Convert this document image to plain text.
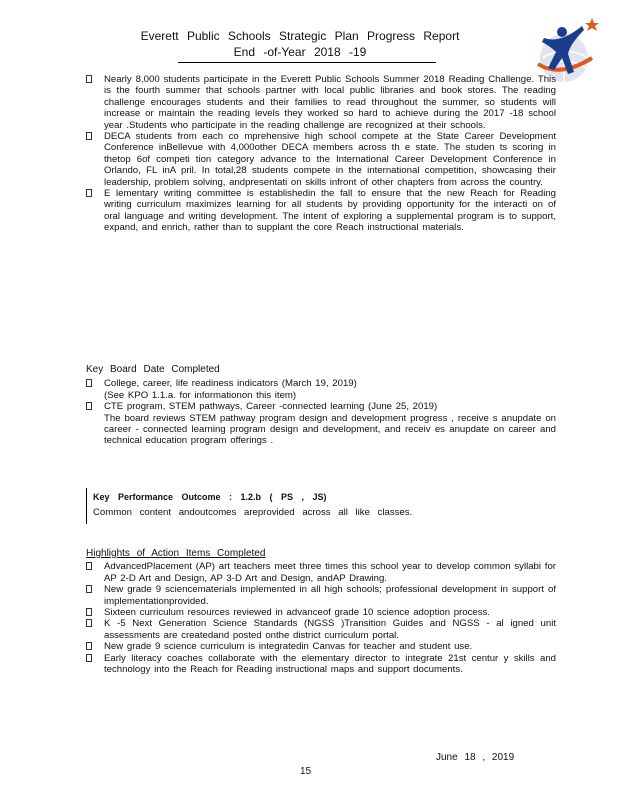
Everett Public Schools Strategic Plan Progress Report
End -of-Year 2018 -19
Nearly 8,000 students participate in the Everett Public Schools Summer 2018 Reading Challenge. This is the fourth summer that schools partner with local public libraries and book stores. The reading challenge encourages students and their families to read throughout the summer, so students will increase or maintain the reading levels they worked so hard to achieve during the 2017 -18 school year .Students who participate in the reading challenge are recognized at their schools.
DECA students from each co mprehensive high school compete at the State Career Development Conference inBellevue with 4,000other DECA members across th e state. The studen ts scoring in thetop 6of competi tion category advance to the International Career Development Conference in Orlando, FL inA pril. In total,28 students compete in the international competition, showcasing their leadership, problem solving, andpresentati on skills infront of other chapters from across the country.
E lementary writing committee is establishedin the fall to ensure that the new Reach for Reading writing curriculum maximizes learning for all students by providing opportunity for the interacti on of oral language and writing development. The intent of exploring a supplemental program is to support, expand, and enrich, rather than to supplant the core Reach instructional materials.
Key Board Date Completed
College, career, life readiness indicators (March 19, 2019)
(See KPO 1.1.a. for informationon this item)
CTE program, STEM pathways, Career -connected learning (June 25, 2019)
The board reviews STEM pathway program design and development progress , receive s anupdate on career - connected learning program design and development, and receiv es anupdate on career and technical education program offerings .
Key Performance Outcome : 1.2.b ( PS , JS)
Common content andoutcomes areprovided across all like classes.
Highlights of Action Items Completed
AdvancedPlacement (AP) art teachers meet three times this school year to develop common syllabi for AP 2-D Art and Design, AP 3-D Art and Design, andAP Drawing.
New grade 9 sciencematerials implemented in all high schools; professional development in support of implementationprovided.
Sixteen curriculum resources reviewed in advanceof grade 10 science adoption process.
K -5 Next Generation Science Standards (NGSS )Transition Guides and NGSS - al igned unit assessments are createdand posted onthe district curriculum portal.
New grade 9 science curriculum is integratedin Canvas for teacher and student use.
Early literacy coaches collaborate with the elementary director to integrate 21st centur y skills and technology into the Reach for Reading instructional maps and support documents.
June 18 , 2019
15
